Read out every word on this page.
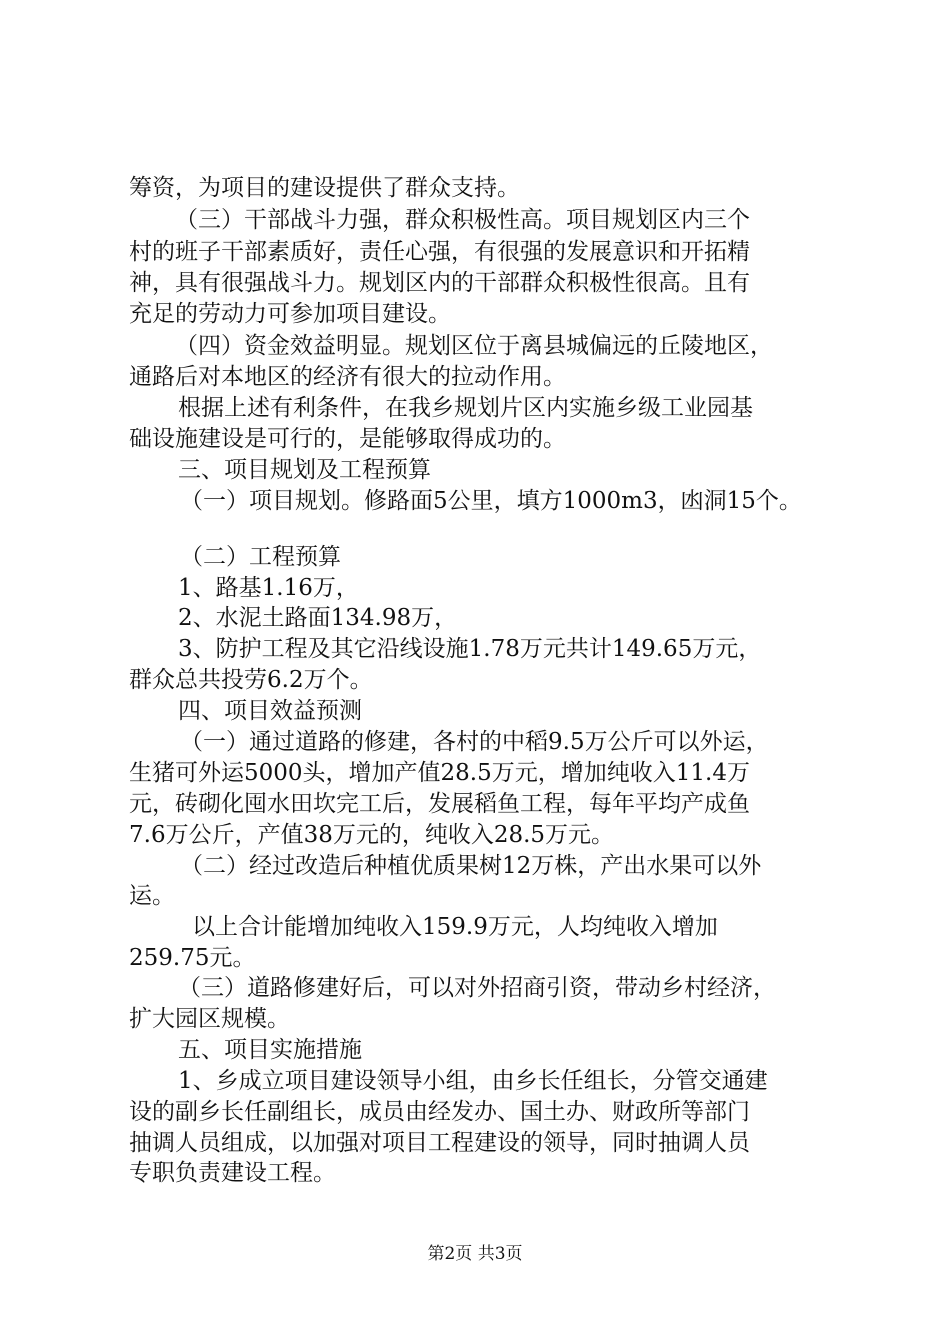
筹资，为项目的建设提供了群众支持。
（三）干部战斗力强，群众积极性高。项目规划区内三个
村的班子干部素质好，责任心强，有很强的发展意识和开拓精
神，具有很强战斗力。规划区内的干部群众积极性很高。且有
充足的劳动力可参加项目建设。
（四）资金效益明显。规划区位于离县城偏远的丘陵地区，
通路后对本地区的经济有很大的拉动作用。
根据上述有利条件，在我乡规划片区内实施乡级工业园基
础设施建设是可行的，是能够取得成功的。
三、项目规划及工程预算
（一）项目规划。修路面5公里，填方1000m3，凼洞15个。
（二）工程预算
1、路基1.16万，
2、水泥土路面134.98万，
3、防护工程及其它沿线设施1.78万元共计149.65万元，
群众总共投劳6.2万个。
四、项目效益预测
（一）通过道路的修建，各村的中稻9.5万公斤可以外运，
生猪可外运5000头，增加产值28.5万元，增加纯收入11.4万
元，砖砌化囤水田坎完工后，发展稻鱼工程，每年平均产成鱼
7.6万公斤，产值38万元的，纯收入28.5万元。
（二）经过改造后种植优质果树12万株，产出水果可以外
运。
以上合计能增加纯收入159.9万元，人均纯收入增加
259.75元。
（三）道路修建好后，可以对外招商引资，带动乡村经济，
扩大园区规模。
五、项目实施措施
1、乡成立项目建设领导小组，由乡长任组长，分管交通建
设的副乡长任副组长，成员由经发办、国土办、财政所等部门
抽调人员组成，以加强对项目工程建设的领导，同时抽调人员
专职负责建设工程。
第2页 共3页
